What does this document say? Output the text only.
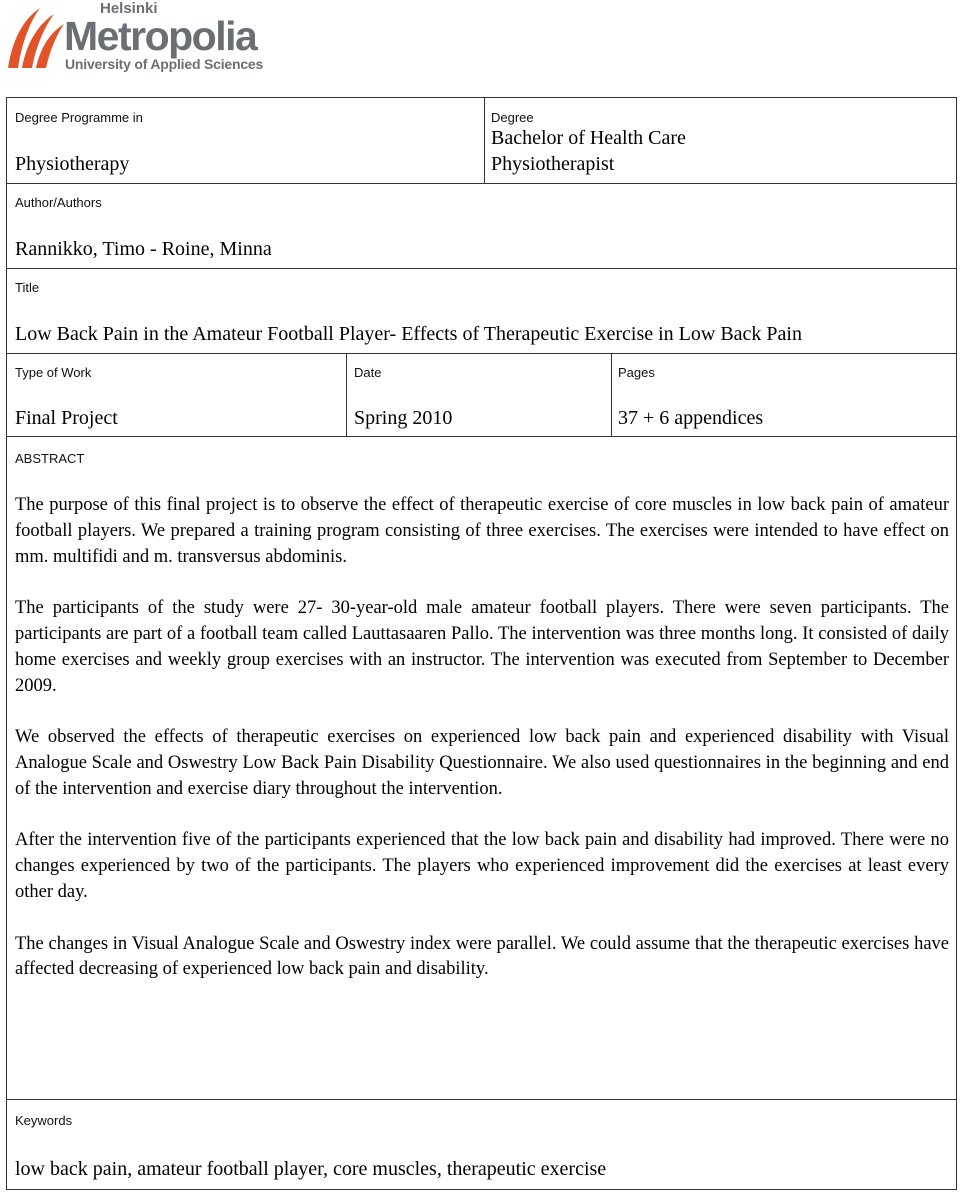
Helsinki
Metropolia
University of Applied Sciences
Degree Programme in
Physiotherapy
Degree
Bachelor of Health Care
Physiotherapist
Author/Authors
Rannikko, Timo - Roine, Minna
Title
Low Back Pain in the Amateur Football Player- Effects of Therapeutic Exercise in Low Back Pain
Type of Work
Final Project
Date
Spring 2010
Pages
37 + 6 appendices
ABSTRACT

The purpose of this final project is to observe the effect of therapeutic exercise of core muscles in low back pain of amateur football players. We prepared a training program consisting of three exercises. The exercises were intended to have effect on mm. multifidi and m. transversus abdominis.

The participants of the study were 27- 30-year-old male amateur football players. There were seven participants. The participants are part of a football team called Lauttasaaren Pallo. The intervention was three months long. It consisted of daily home exercises and weekly group exercises with an instructor. The intervention was executed from September to December 2009.

We observed the effects of therapeutic exercises on experienced low back pain and experienced disability with Visual Analogue Scale and Oswestry Low Back Pain Disability Questionnaire. We also used questionnaires in the beginning and end of the intervention and exercise diary throughout the intervention.

After the intervention five of the participants experienced that the low back pain and disability had improved. There were no changes experienced by two of the participants. The players who experienced improvement did the exercises at least every other day.

The changes in Visual Analogue Scale and Oswestry index were parallel. We could assume that the therapeutic exercises have affected decreasing of experienced low back pain and disability.

Keywords
low back pain, amateur football player, core muscles, therapeutic exercise
